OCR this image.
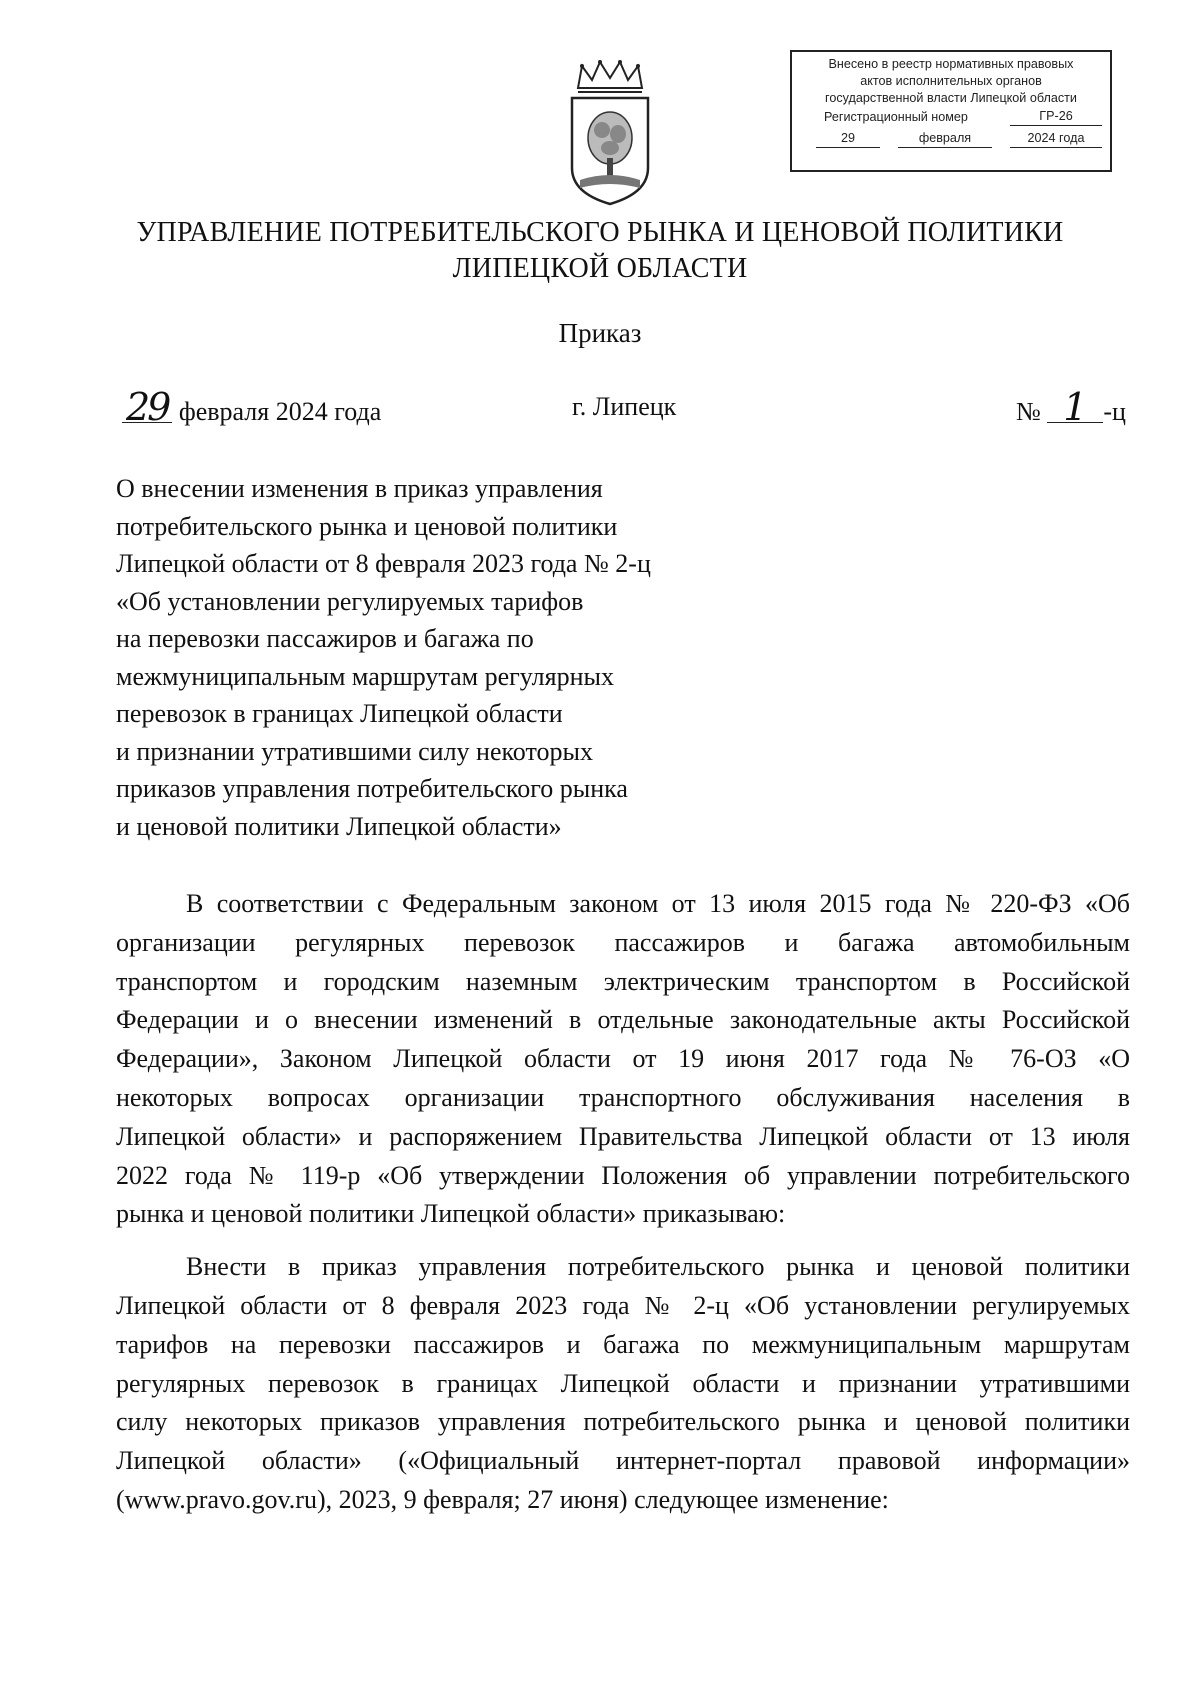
Внесено в реестр нормативных правовых
актов исполнительных органов
государственной власти Липецкой области
Регистрационный номер	ГР-26
29	февраля	2024 года
УПРАВЛЕНИЕ ПОТРЕБИТЕЛЬСКОГО РЫНКА И ЦЕНОВОЙ ПОЛИТИКИ
ЛИПЕЦКОЙ ОБЛАСТИ
Приказ
29 февраля 2024 года	г. Липецк	№ 1 -ц
О внесении изменения в приказ управления
потребительского рынка и ценовой политики
Липецкой области от 8 февраля 2023 года № 2-ц
«Об установлении регулируемых тарифов
на перевозки пассажиров и багажа по
межмуниципальным маршрутам регулярных
перевозок в границах Липецкой области
и признании утратившими силу некоторых
приказов управления потребительского рынка
и ценовой политики Липецкой области»

В соответствии с Федеральным законом от 13 июля 2015 года № 220-ФЗ «Об
организации регулярных перевозок пассажиров и багажа автомобильным
транспортом и городским наземным электрическим транспортом в Российской
Федерации и о внесении изменений в отдельные законодательные акты Российской
Федерации», Законом Липецкой области от 19 июня 2017 года № 76-ОЗ «О
некоторых вопросах организации транспортного обслуживания населения в
Липецкой области» и распоряжением Правительства Липецкой области от 13 июля
2022 года № 119-р «Об утверждении Положения об управлении потребительского
рынка и ценовой политики Липецкой области» приказываю:

Внести в приказ управления потребительского рынка и ценовой политики
Липецкой области от 8 февраля 2023 года № 2-ц «Об установлении регулируемых
тарифов на перевозки пассажиров и багажа по межмуниципальным маршрутам
регулярных перевозок в границах Липецкой области и признании утратившими
силу некоторых приказов управления потребительского рынка и ценовой политики
Липецкой области» («Официальный интернет-портал правовой информации»
(www.pravo.gov.ru), 2023, 9 февраля; 27 июня) следующее изменение:
